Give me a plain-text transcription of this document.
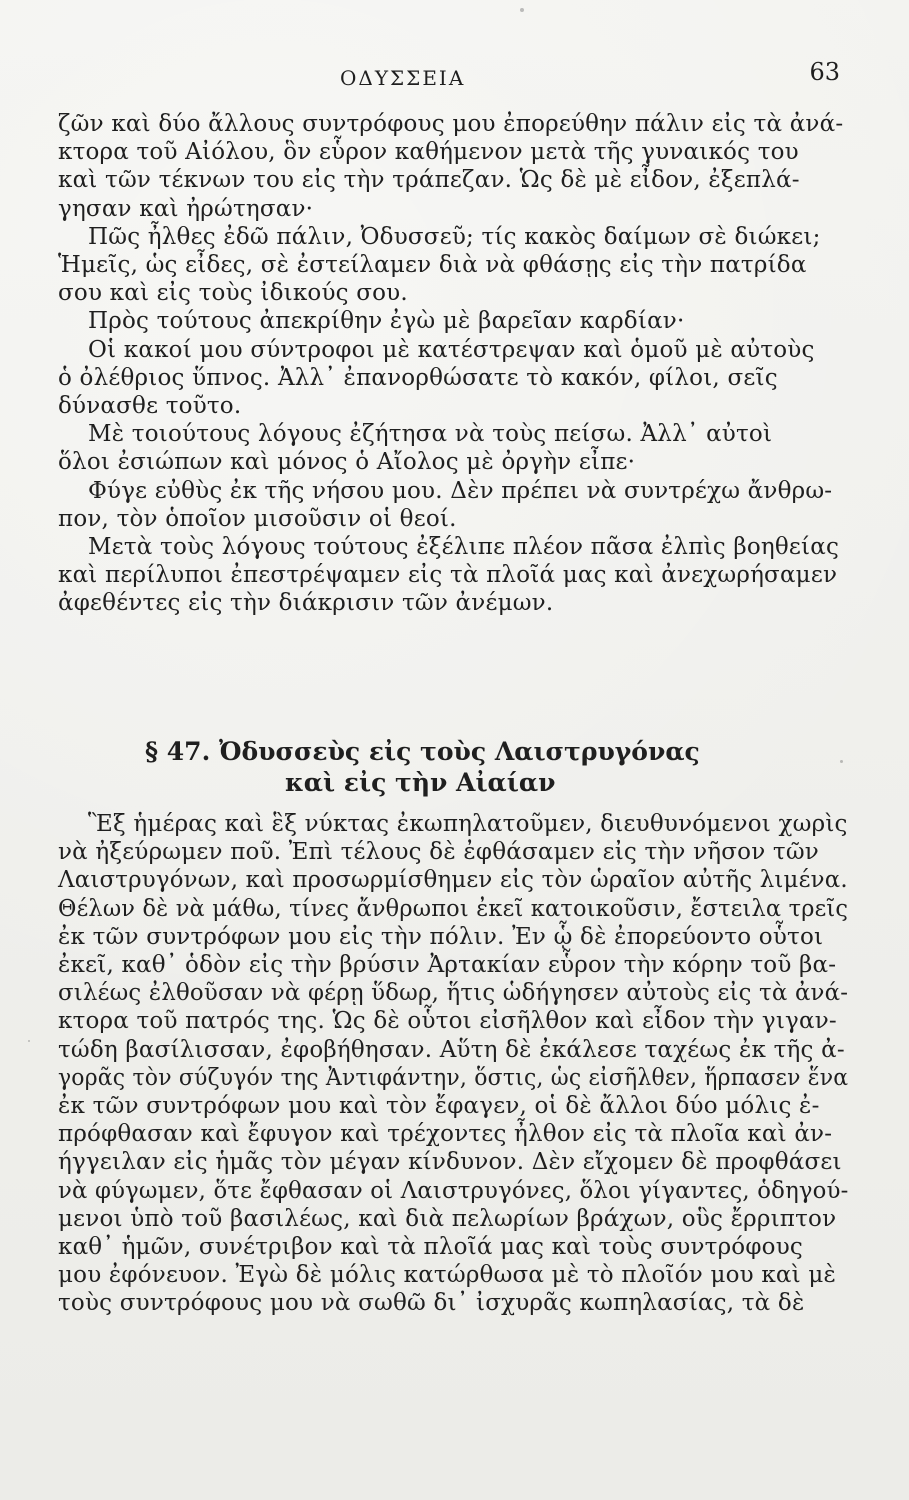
ΟΔΥΣΣΕΙΑ	63
ζῶν καὶ δύο ἄλλους συντρόφους μου ἐπορεύθην πάλιν εἰς τὰ ἀνά-
κτορα τοῦ Αἰόλου, ὃν εὗρον καθήμενον μετὰ τῆς γυναικός του
καὶ τῶν τέκνων του εἰς τὴν τράπεζαν. Ὡς δὲ μὲ εἶδον, ἐξεπλά-
γησαν καὶ ἠρώτησαν·
Πῶς ἦλθες ἐδῶ πάλιν, Ὀδυσσεῦ; τίς κακὸς δαίμων σὲ διώκει;
Ἡμεῖς, ὡς εἶδες, σὲ ἐστείλαμεν διὰ νὰ φθάσῃς εἰς τὴν πατρίδα
σου καὶ εἰς τοὺς ἰδικούς σου.
Πρὸς τούτους ἀπεκρίθην ἐγὼ μὲ βαρεῖαν καρδίαν·
Οἱ κακοί μου σύντροφοι μὲ κατέστρεψαν καὶ ὁμοῦ μὲ αὐτοὺς
ὁ ὀλέθριος ὕπνος. Ἀλλ᾽ ἐπανορθώσατε τὸ κακόν, φίλοι, σεῖς
δύνασθε τοῦτο.
Μὲ τοιούτους λόγους ἐζήτησα νὰ τοὺς πείσω. Ἀλλ᾽ αὐτοὶ
ὅλοι ἐσιώπων καὶ μόνος ὁ Αἴολος μὲ ὀργὴν εἶπε·
Φύγε εὐθὺς ἐκ τῆς νήσου μου. Δὲν πρέπει νὰ συντρέχω ἄνθρω-
πον, τὸν ὁποῖον μισοῦσιν οἱ θεοί.
Μετὰ τοὺς λόγους τούτους ἐξέλιπε πλέον πᾶσα ἐλπὶς βοηθείας
καὶ περίλυποι ἐπεστρέψαμεν εἰς τὰ πλοῖά μας καὶ ἀνεχωρήσαμεν
ἀφεθέντες εἰς τὴν διάκρισιν τῶν ἀνέμων.
§ 47. Ὀδυσσεὺς εἰς τοὺς Λαιστρυγόνας
καὶ εἰς τὴν Αἰαίαν
Ἓξ ἡμέρας καὶ ἓξ νύκτας ἐκωπηλατοῦμεν, διευθυνόμενοι χωρὶς
νὰ ἠξεύρωμεν ποῦ. Ἐπὶ τέλους δὲ ἐφθάσαμεν εἰς τὴν νῆσον τῶν
Λαιστρυγόνων, καὶ προσωρμίσθημεν εἰς τὸν ὡραῖον αὐτῆς λιμένα.
Θέλων δὲ νὰ μάθω, τίνες ἄνθρωποι ἐκεῖ κατοικοῦσιν, ἔστειλα τρεῖς
ἐκ τῶν συντρόφων μου εἰς τὴν πόλιν. Ἐν ᾧ δὲ ἐπορεύοντο οὗτοι
ἐκεῖ, καθ᾽ ὁδὸν εἰς τὴν βρύσιν Ἀρτακίαν εὗρον τὴν κόρην τοῦ βα-
σιλέως ἐλθοῦσαν νὰ φέρῃ ὕδωρ, ἥτις ὡδήγησεν αὐτοὺς εἰς τὰ ἀνά-
κτορα τοῦ πατρός της. Ὡς δὲ οὗτοι εἰσῆλθον καὶ εἶδον τὴν γιγαν-
τώδη βασίλισσαν, ἐφοβήθησαν. Αὕτη δὲ ἐκάλεσε ταχέως ἐκ τῆς ἀ-
γορᾶς τὸν σύζυγόν της Ἀντιφάντην, ὅστις, ὡς εἰσῆλθεν, ἥρπασεν ἕνα
ἐκ τῶν συντρόφων μου καὶ τὸν ἔφαγεν, οἱ δὲ ἄλλοι δύο μόλις ἐ-
πρόφθασαν καὶ ἔφυγον καὶ τρέχοντες ἦλθον εἰς τὰ πλοῖα καὶ ἀν-
ήγγειλαν εἰς ἡμᾶς τὸν μέγαν κίνδυνον. Δὲν εἴχομεν δὲ προφθάσει
νὰ φύγωμεν, ὅτε ἔφθασαν οἱ Λαιστρυγόνες, ὅλοι γίγαντες, ὁδηγού-
μενοι ὑπὸ τοῦ βασιλέως, καὶ διὰ πελωρίων βράχων, οὓς ἔρριπτον
καθ᾽ ἡμῶν, συνέτριβον καὶ τὰ πλοῖά μας καὶ τοὺς συντρόφους
μου ἐφόνευον. Ἐγὼ δὲ μόλις κατώρθωσα μὲ τὸ πλοῖόν μου καὶ μὲ
τοὺς συντρόφους μου νὰ σωθῶ δι᾽ ἰσχυρᾶς κωπηλασίας, τὰ δὲ
